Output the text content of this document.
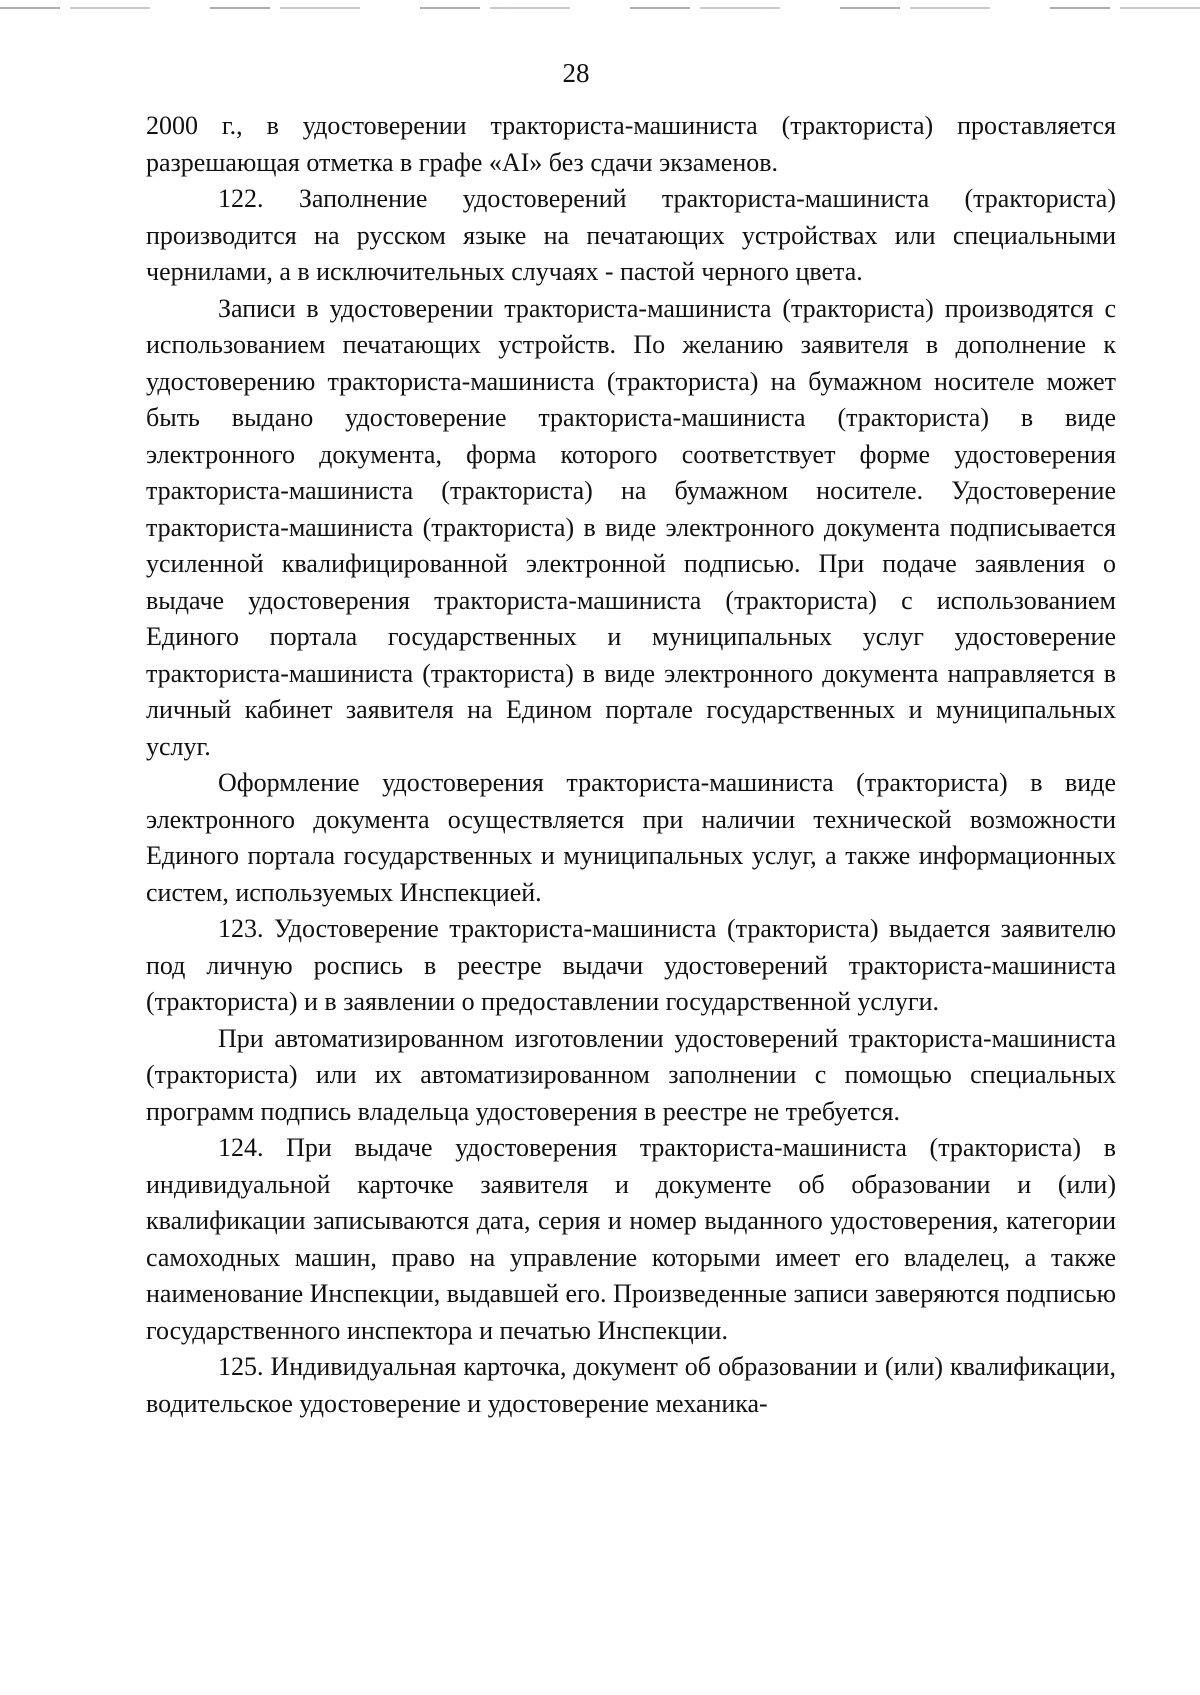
28

2000 г., в удостоверении тракториста-машиниста (тракториста) проставляется разрешающая отметка в графе «AI» без сдачи экзаменов.

122. Заполнение удостоверений тракториста-машиниста (тракториста) производится на русском языке на печатающих устройствах или специальными чернилами, а в исключительных случаях - пастой черного цвета.

Записи в удостоверении тракториста-машиниста (тракториста) производятся с использованием печатающих устройств. По желанию заявителя в дополнение к удостоверению тракториста-машиниста (тракториста) на бумажном носителе может быть выдано удостоверение тракториста-машиниста (тракториста) в виде электронного документа, форма которого соответствует форме удостоверения тракториста-машиниста (тракториста) на бумажном носителе. Удостоверение тракториста-машиниста (тракториста) в виде электронного документа подписывается усиленной квалифицированной электронной подписью. При подаче заявления о выдаче удостоверения тракториста-машиниста (тракториста) с использованием Единого портала государственных и муниципальных услуг удостоверение тракториста-машиниста (тракториста) в виде электронного документа направляется в личный кабинет заявителя на Едином портале государственных и муниципальных услуг.

Оформление удостоверения тракториста-машиниста (тракториста) в виде электронного документа осуществляется при наличии технической возможности Единого портала государственных и муниципальных услуг, а также информационных систем, используемых Инспекцией.

123. Удостоверение тракториста-машиниста (тракториста) выдается заявителю под личную роспись в реестре выдачи удостоверений тракториста-машиниста (тракториста) и в заявлении о предоставлении государственной услуги.

При автоматизированном изготовлении удостоверений тракториста-машиниста (тракториста) или их автоматизированном заполнении с помощью специальных программ подпись владельца удостоверения в реестре не требуется.

124. При выдаче удостоверения тракториста-машиниста (тракториста) в индивидуальной карточке заявителя и документе об образовании и (или) квалификации записываются дата, серия и номер выданного удостоверения, категории самоходных машин, право на управление которыми имеет его владелец, а также наименование Инспекции, выдавшей его. Произведенные записи заверяются подписью государственного инспектора и печатью Инспекции.

125. Индивидуальная карточка, документ об образовании и (или) квалификации, водительское удостоверение и удостоверение механика-
